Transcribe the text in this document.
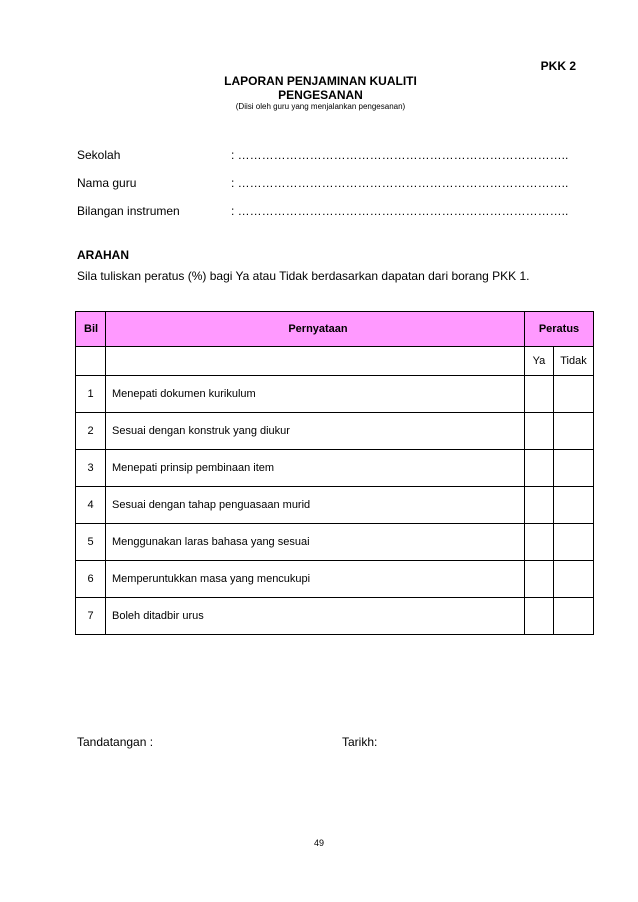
PKK 2
LAPORAN PENJAMINAN KUALITI
PENGESANAN
(Diisi oleh guru yang menjalankan pengesanan)
Sekolah	: ………………………………………………………………………..
Nama guru	: ………………………………………………………………………..
Bilangan instrumen	: ………………………………………………………………………..
ARAHAN
Sila tuliskan peratus (%) bagi Ya atau Tidak berdasarkan dapatan dari borang PKK 1.
Bil	Pernyataan	Peratus	
		Ya	Tidak
1	Menepati dokumen kurikulum		
2	Sesuai dengan konstruk yang diukur		
3	Menepati prinsip pembinaan item		
4	Sesuai dengan tahap penguasaan murid		
5	Menggunakan laras bahasa yang sesuai		
6	Memperuntukkan masa yang mencukupi		
7	Boleh ditadbir urus		
Tandatangan :	Tarikh:
49
